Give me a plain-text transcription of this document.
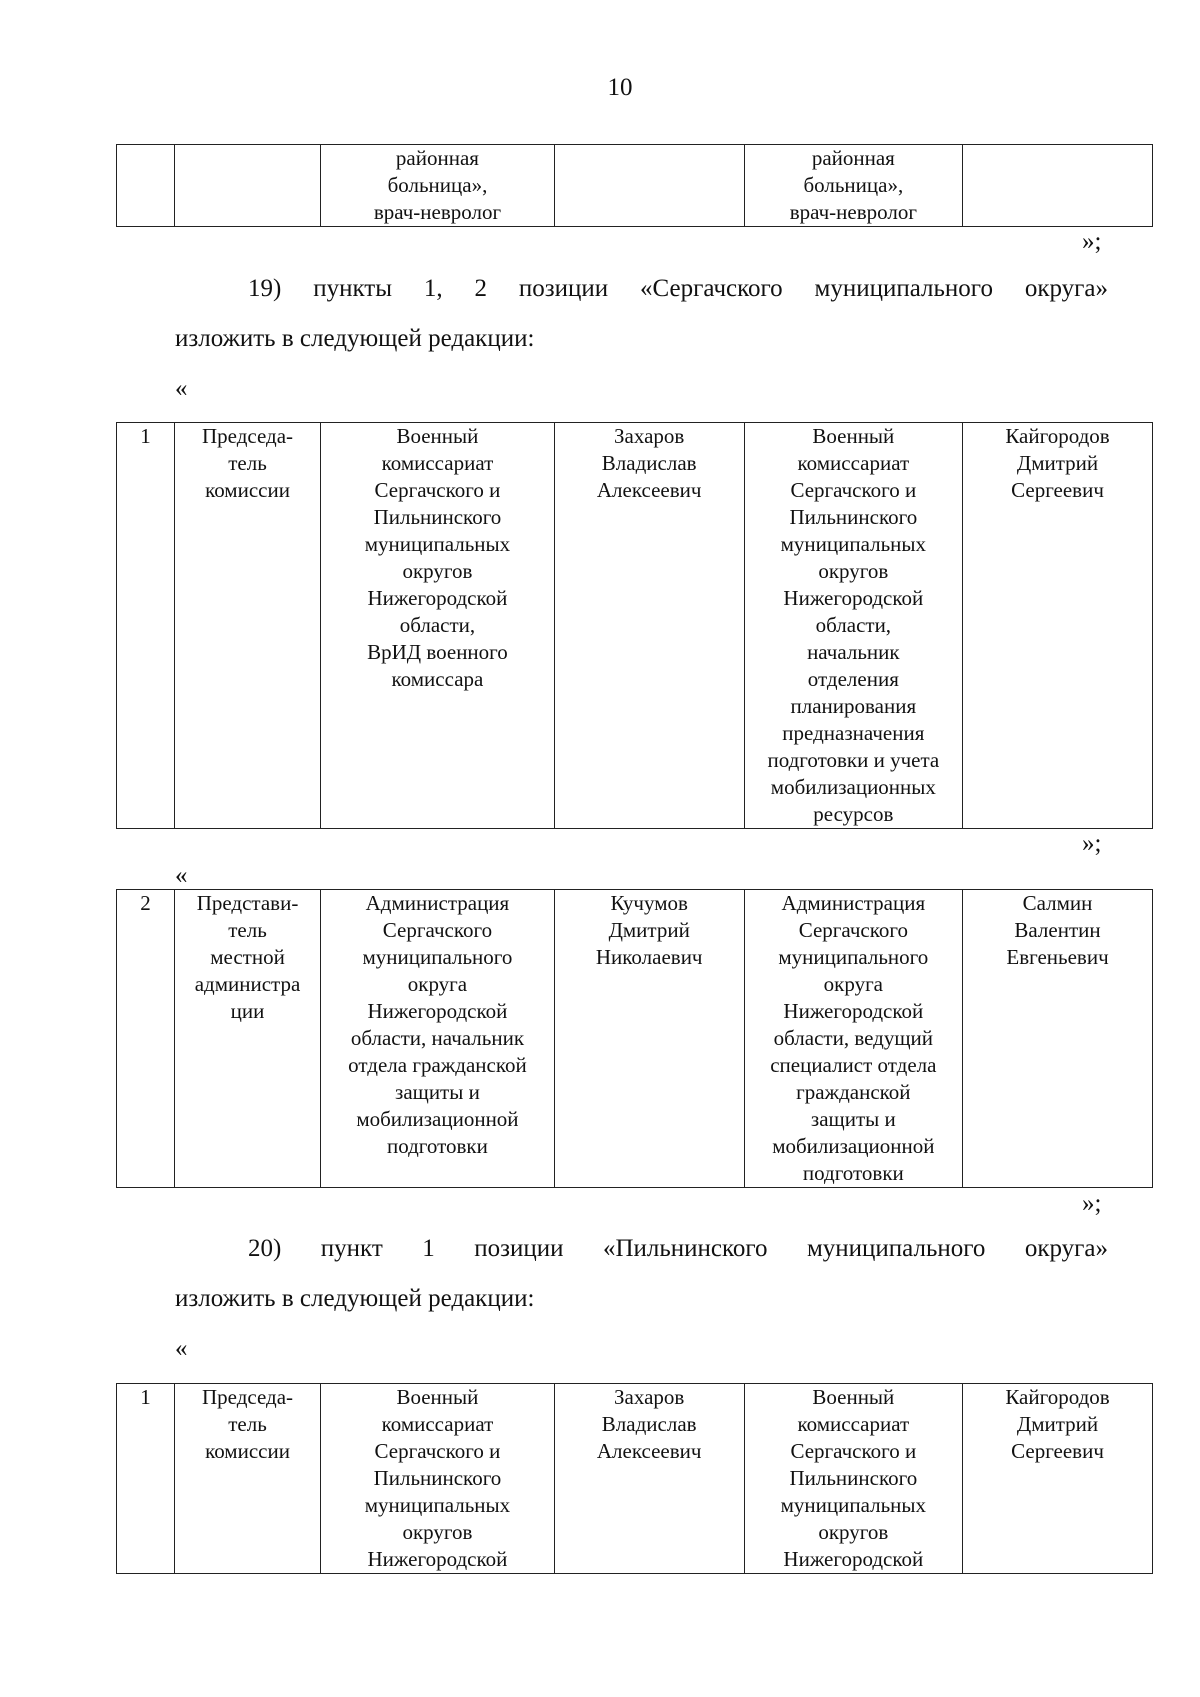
10
		районная
больница»,
врач-невролог		районная
больница»,
врач-невролог	
»;
19) пункты 1, 2 позиции «Сергачского муниципального округа»
изложить в следующей редакции:
«
1	Председа-
тель
комиссии	Военный
комиссариат
Сергачского и
Пильнинского
муниципальных
округов
Нижегородской
области,
ВрИД военного
комиссара	Захаров
Владислав
Алексеевич	Военный
комиссариат
Сергачского и
Пильнинского
муниципальных
округов
Нижегородской
области,
начальник
отделения
планирования
предназначения
подготовки и учета
мобилизационных
ресурсов	Кайгородов
Дмитрий
Сергеевич
»;
«
2	Представи-
тель
местной
администра
ции	Администрация
Сергачского
муниципального
округа
Нижегородской
области, начальник
отдела гражданской
защиты и
мобилизационной
подготовки	Кучумов
Дмитрий
Николаевич	Администрация
Сергачского
муниципального
округа
Нижегородской
области, ведущий
специалист отдела
гражданской
защиты и
мобилизационной
подготовки	Салмин
Валентин
Евгеньевич
»;
20) пункт 1 позиции «Пильнинского муниципального округа»
изложить в следующей редакции:
«
1	Председа-
тель
комиссии	Военный
комиссариат
Сергачского и
Пильнинского
муниципальных
округов
Нижегородской	Захаров
Владислав
Алексеевич	Военный
комиссариат
Сергачского и
Пильнинского
муниципальных
округов
Нижегородской	Кайгородов
Дмитрий
Сергеевич
